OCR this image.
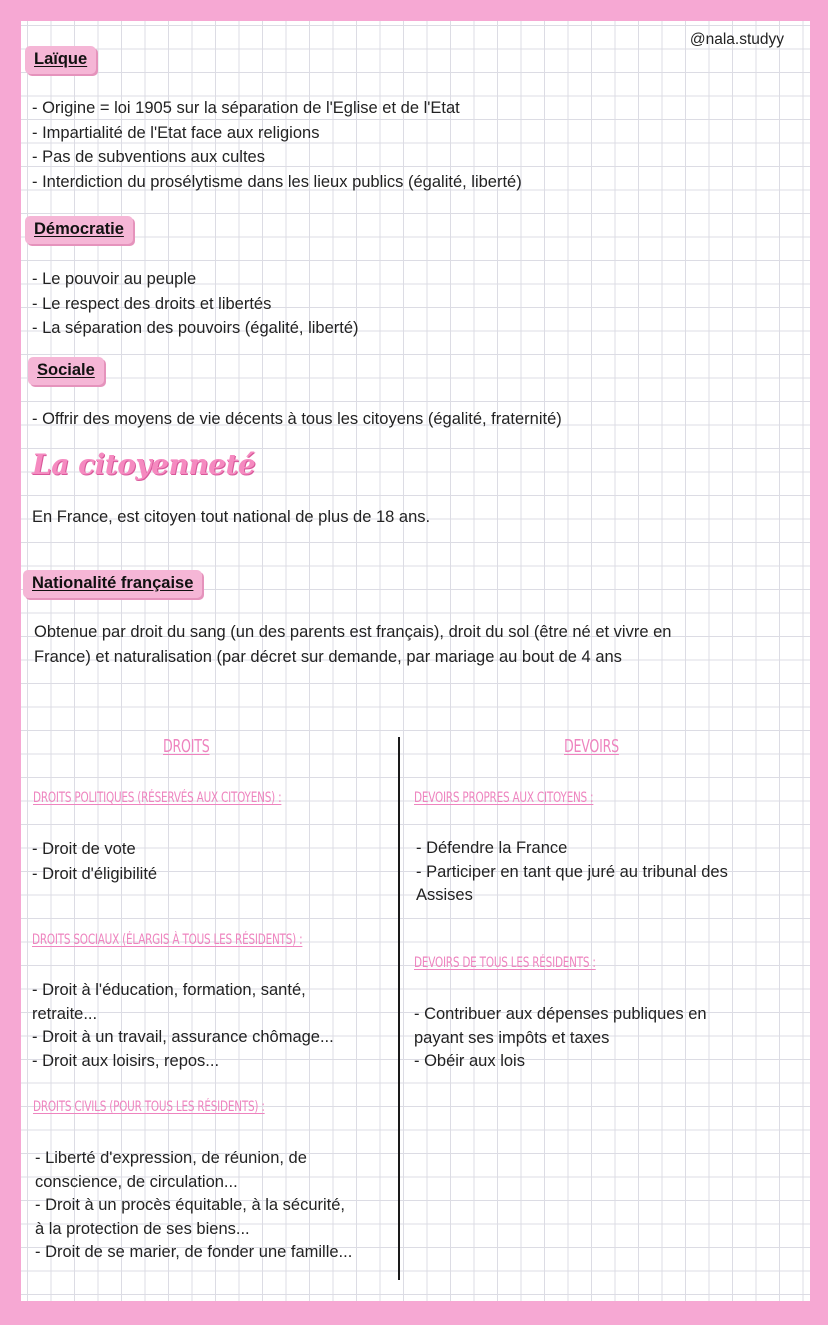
@nala.studyy
Laïque
- Origine = loi 1905 sur la séparation de l'Eglise et de l'Etat
- Impartialité de l'Etat face aux religions
- Pas de subventions aux cultes
- Interdiction du prosélytisme dans les lieux publics (égalité, liberté)
Démocratie
- Le pouvoir au peuple
- Le respect des droits et libertés
- La séparation des pouvoirs (égalité, liberté)
Sociale
- Offrir des moyens de vie décents à tous les citoyens (égalité, fraternité)
La citoyenneté
En France, est citoyen tout national de plus de 18 ans.
Nationalité française
Obtenue par droit du sang (un des parents est français), droit du sol (être né et vivre en
France) et naturalisation (par décret sur demande, par mariage au bout de 4 ans
DROITS	DEVOIRS
DROITS POLITIQUES (RÉSERVÉS AUX CITOYENS) :
- Droit de vote
- Droit d'éligibilité
DROITS SOCIAUX (ÉLARGIS À TOUS LES RÉSIDENTS) :
- Droit à l'éducation, formation, santé,
retraite...
- Droit à un travail, assurance chômage...
- Droit aux loisirs, repos...
DROITS CIVILS (POUR TOUS LES RÉSIDENTS) :
- Liberté d'expression, de réunion, de
conscience, de circulation...
- Droit à un procès équitable, à la sécurité,
à la protection de ses biens...
- Droit de se marier, de fonder une famille...
DEVOIRS PROPRES AUX CITOYENS :
- Défendre la France
- Participer en tant que juré au tribunal des
Assises
DEVOIRS DE TOUS LES RÉSIDENTS :
- Contribuer aux dépenses publiques en
payant ses impôts et taxes
- Obéir aux lois
